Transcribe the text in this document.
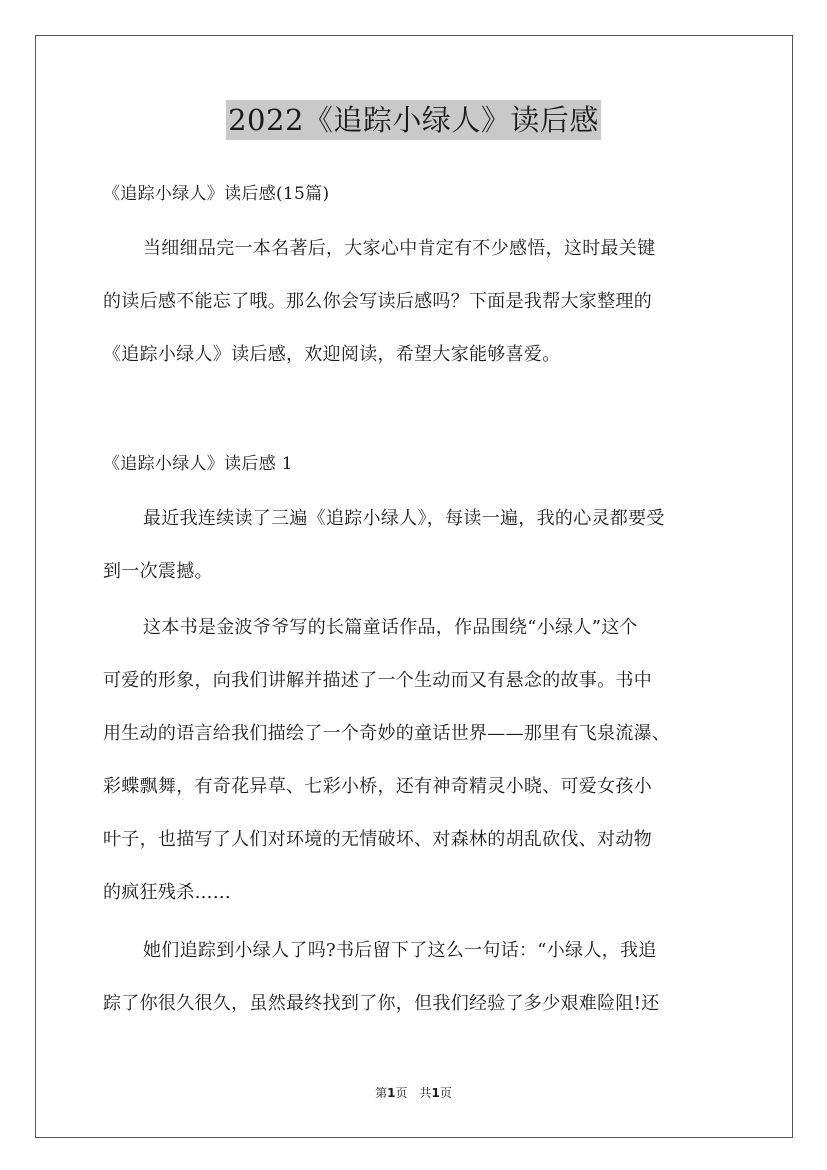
2022《追踪小绿人》读后感
《追踪小绿人》读后感(15篇)
当细细品完一本名著后，大家心中肯定有不少感悟，这时最关键
的读后感不能忘了哦。那么你会写读后感吗？下面是我帮大家整理的
《追踪小绿人》读后感，欢迎阅读，希望大家能够喜爱。
《追踪小绿人》读后感 1
最近我连续读了三遍《追踪小绿人》，每读一遍，我的心灵都要受
到一次震撼。
这本书是金波爷爷写的长篇童话作品，作品围绕“小绿人”这个
可爱的形象，向我们讲解并描述了一个生动而又有悬念的故事。书中
用生动的语言给我们描绘了一个奇妙的童话世界——那里有飞泉流瀑、
彩蝶飘舞，有奇花异草、七彩小桥，还有神奇精灵小晓、可爱女孩小
叶子，也描写了人们对环境的无情破坏、对森林的胡乱砍伐、对动物
的疯狂残杀……
她们追踪到小绿人了吗?书后留下了这么一句话：“小绿人，我追
踪了你很久很久，虽然最终找到了你，但我们经验了多少艰难险阻!还
第1页　共1页
